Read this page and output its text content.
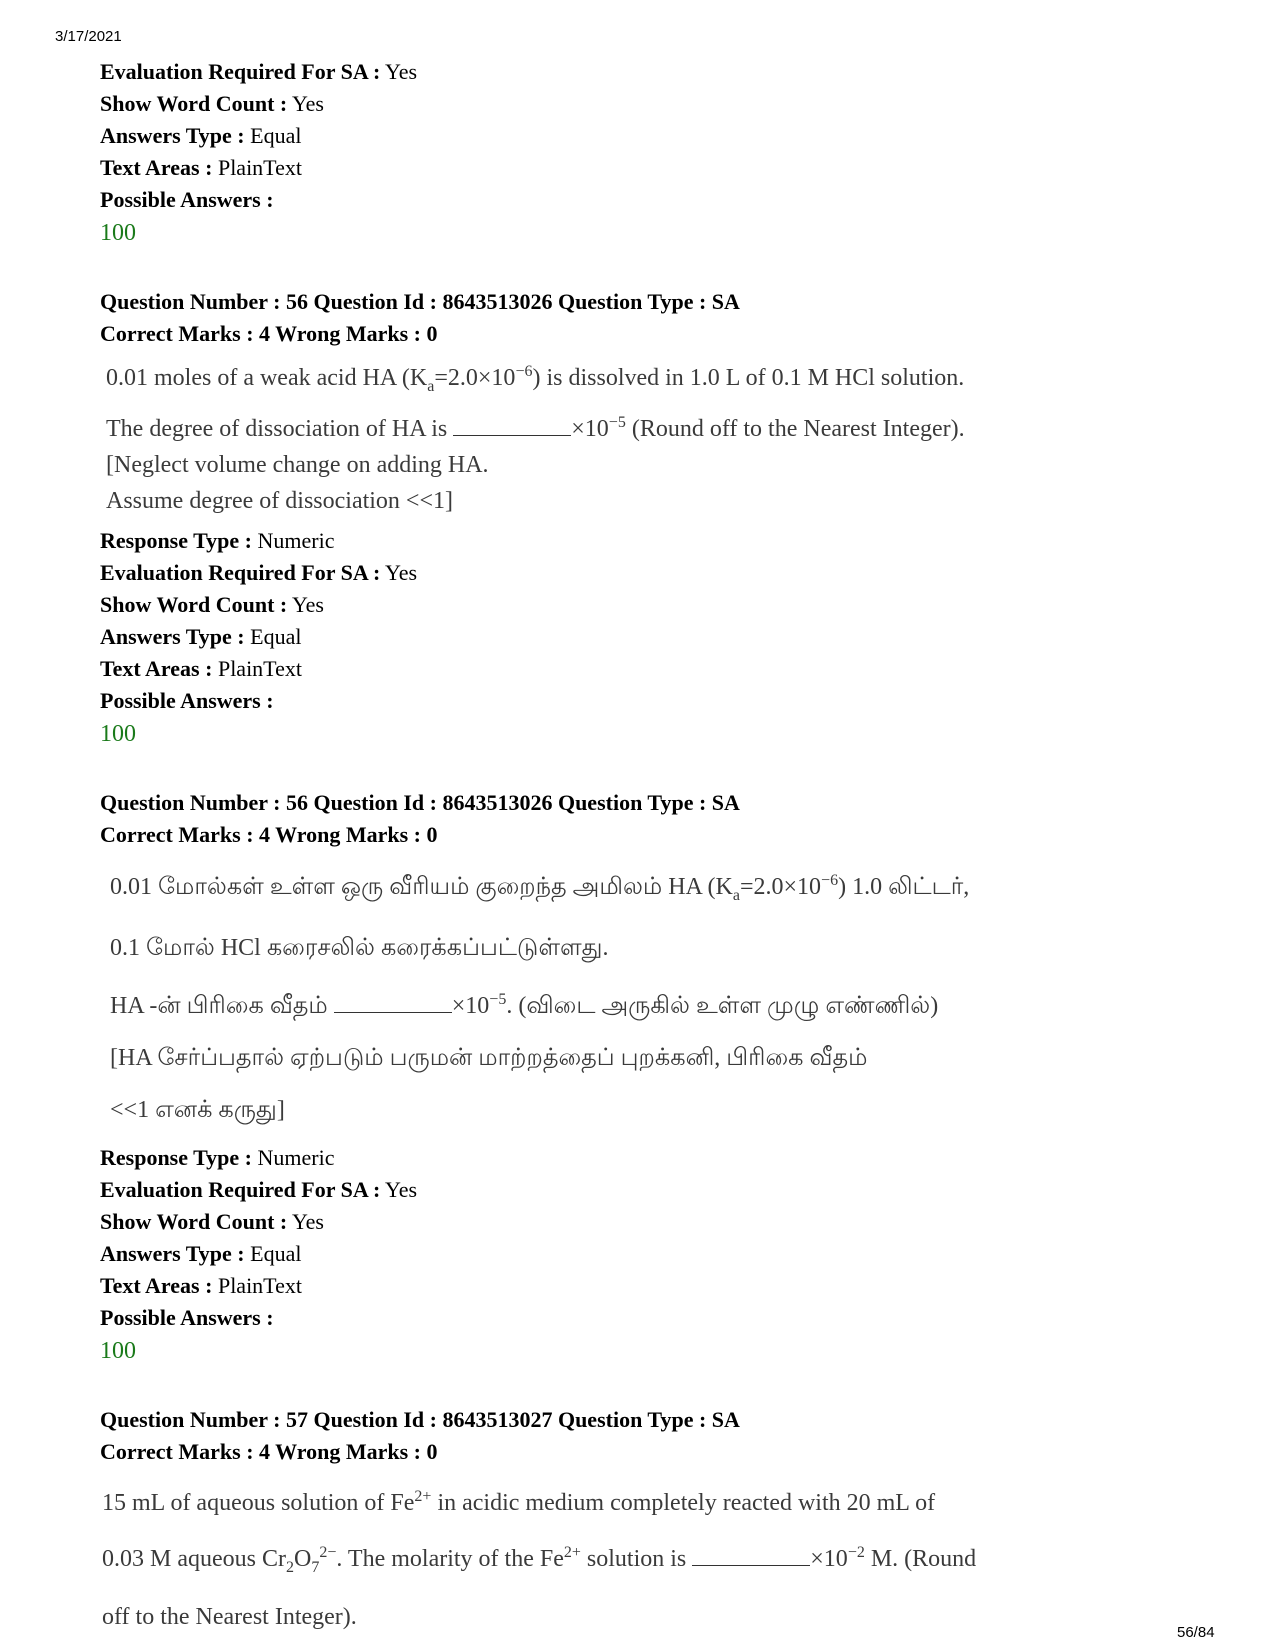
3/17/2021
Evaluation Required For SA : Yes
Show Word Count : Yes
Answers Type : Equal
Text Areas : PlainText
Possible Answers :
100
Question Number : 56 Question Id : 8643513026 Question Type : SA
Correct Marks : 4 Wrong Marks : 0
0.01 moles of a weak acid HA $(K_a=2.0\times 10^{-6})$ is dissolved in 1.0 L of 0.1 M HCl solution.
The degree of dissociation of HA is	$\times 10^{-5}$ (Round off to the Nearest Integer).
[Neglect volume change on adding HA.
Assume degree of dissociation <<1]
Response Type : Numeric
Evaluation Required For SA : Yes
Show Word Count : Yes
Answers Type : Equal
Text Areas : PlainText
Possible Answers :
100
Question Number : 56 Question Id : 8643513026 Question Type : SA
Correct Marks : 4 Wrong Marks : 0
0.01 மோல்கள் உள்ள ஒரு வீரியம் குறைந்த அமிலம் HA $(K_a=2.0\times 10^{-6})$ 1.0 லிட்டர்,
0.1 மோல் HCl கரைசலில் கரைக்கப்பட்டுள்ளது.
HA -ன் பிரிகை வீதம்	$\times 10^{-5}$. (விடை அருகில் உள்ள முழு எண்ணில்)
[HA சேர்ப்பதால் ஏற்படும் பருமன் மாற்றத்தைப் புறக்கனி, பிரிகை வீதம்
<<1 எனக் கருது]
Response Type : Numeric
Evaluation Required For SA : Yes
Show Word Count : Yes
Answers Type : Equal
Text Areas : PlainText
Possible Answers :
100
Question Number : 57 Question Id : 8643513027 Question Type : SA
Correct Marks : 4 Wrong Marks : 0
15 mL of aqueous solution of $Fe^{2+}$ in acidic medium completely reacted with 20 mL of
0.03 M aqueous $Cr_2O_7^{2-}$. The molarity of the $Fe^{2+}$ solution is	$\times 10^{-2}$ M. (Round
off to the Nearest Integer).
56/84
